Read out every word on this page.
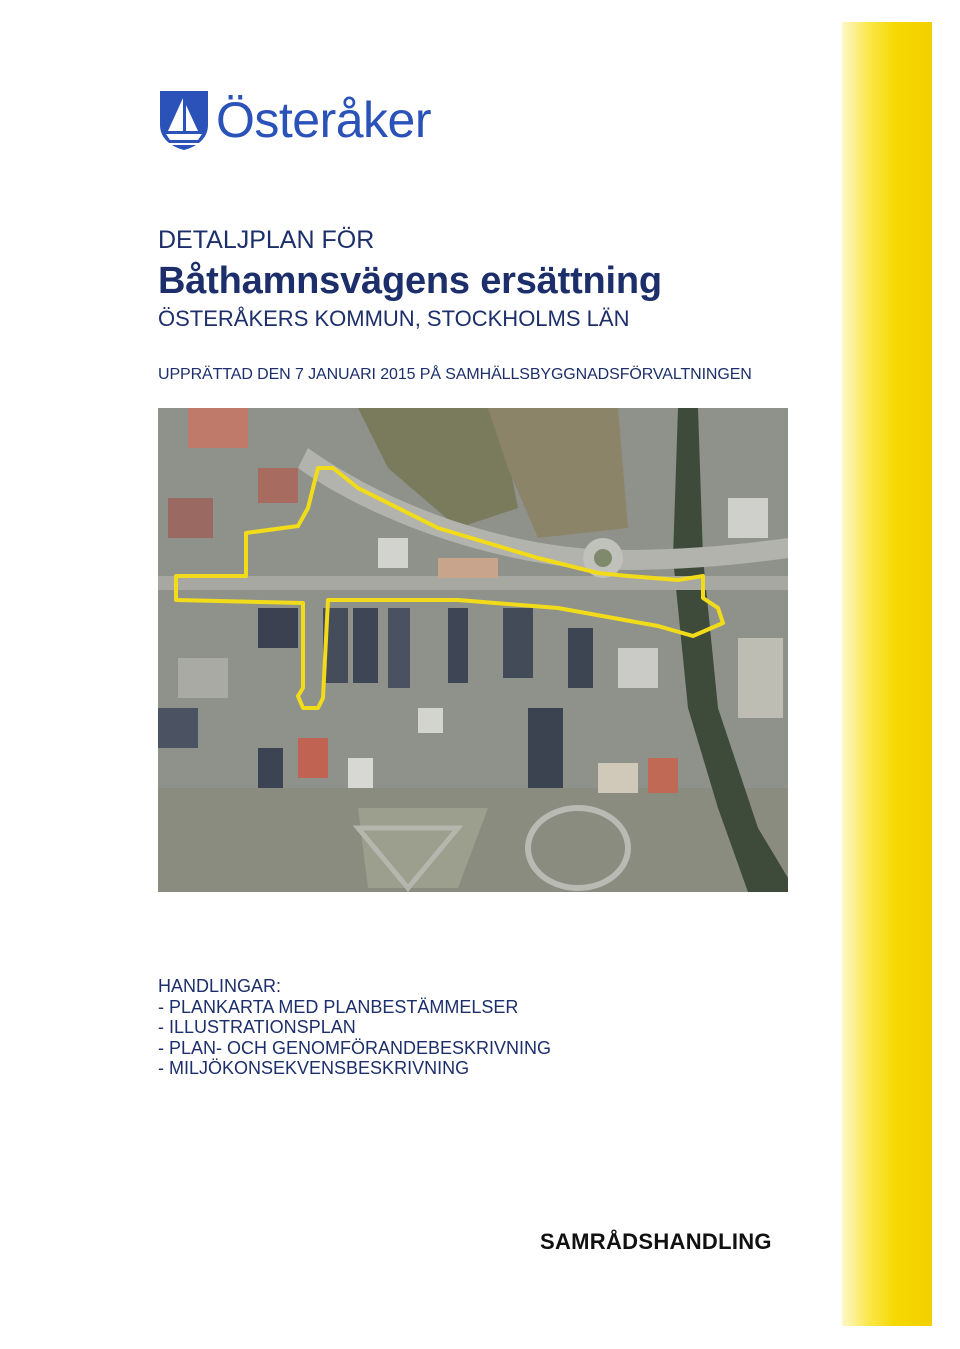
Österåker
DETALJPLAN FÖR
Båthamnsvägens ersättning
ÖSTERÅKERS KOMMUN, STOCKHOLMS LÄN
UPPRÄTTAD DEN 7 JANUARI 2015 PÅ SAMHÄLLSBYGGNADSFÖRVALTNINGEN
HANDLINGAR:
- PLANKARTA MED PLANBESTÄMMELSER
- ILLUSTRATIONSPLAN
- PLAN- OCH GENOMFÖRANDEBESKRIVNING
- MILJÖKONSEKVENSBESKRIVNING
SAMRÅDSHANDLING
